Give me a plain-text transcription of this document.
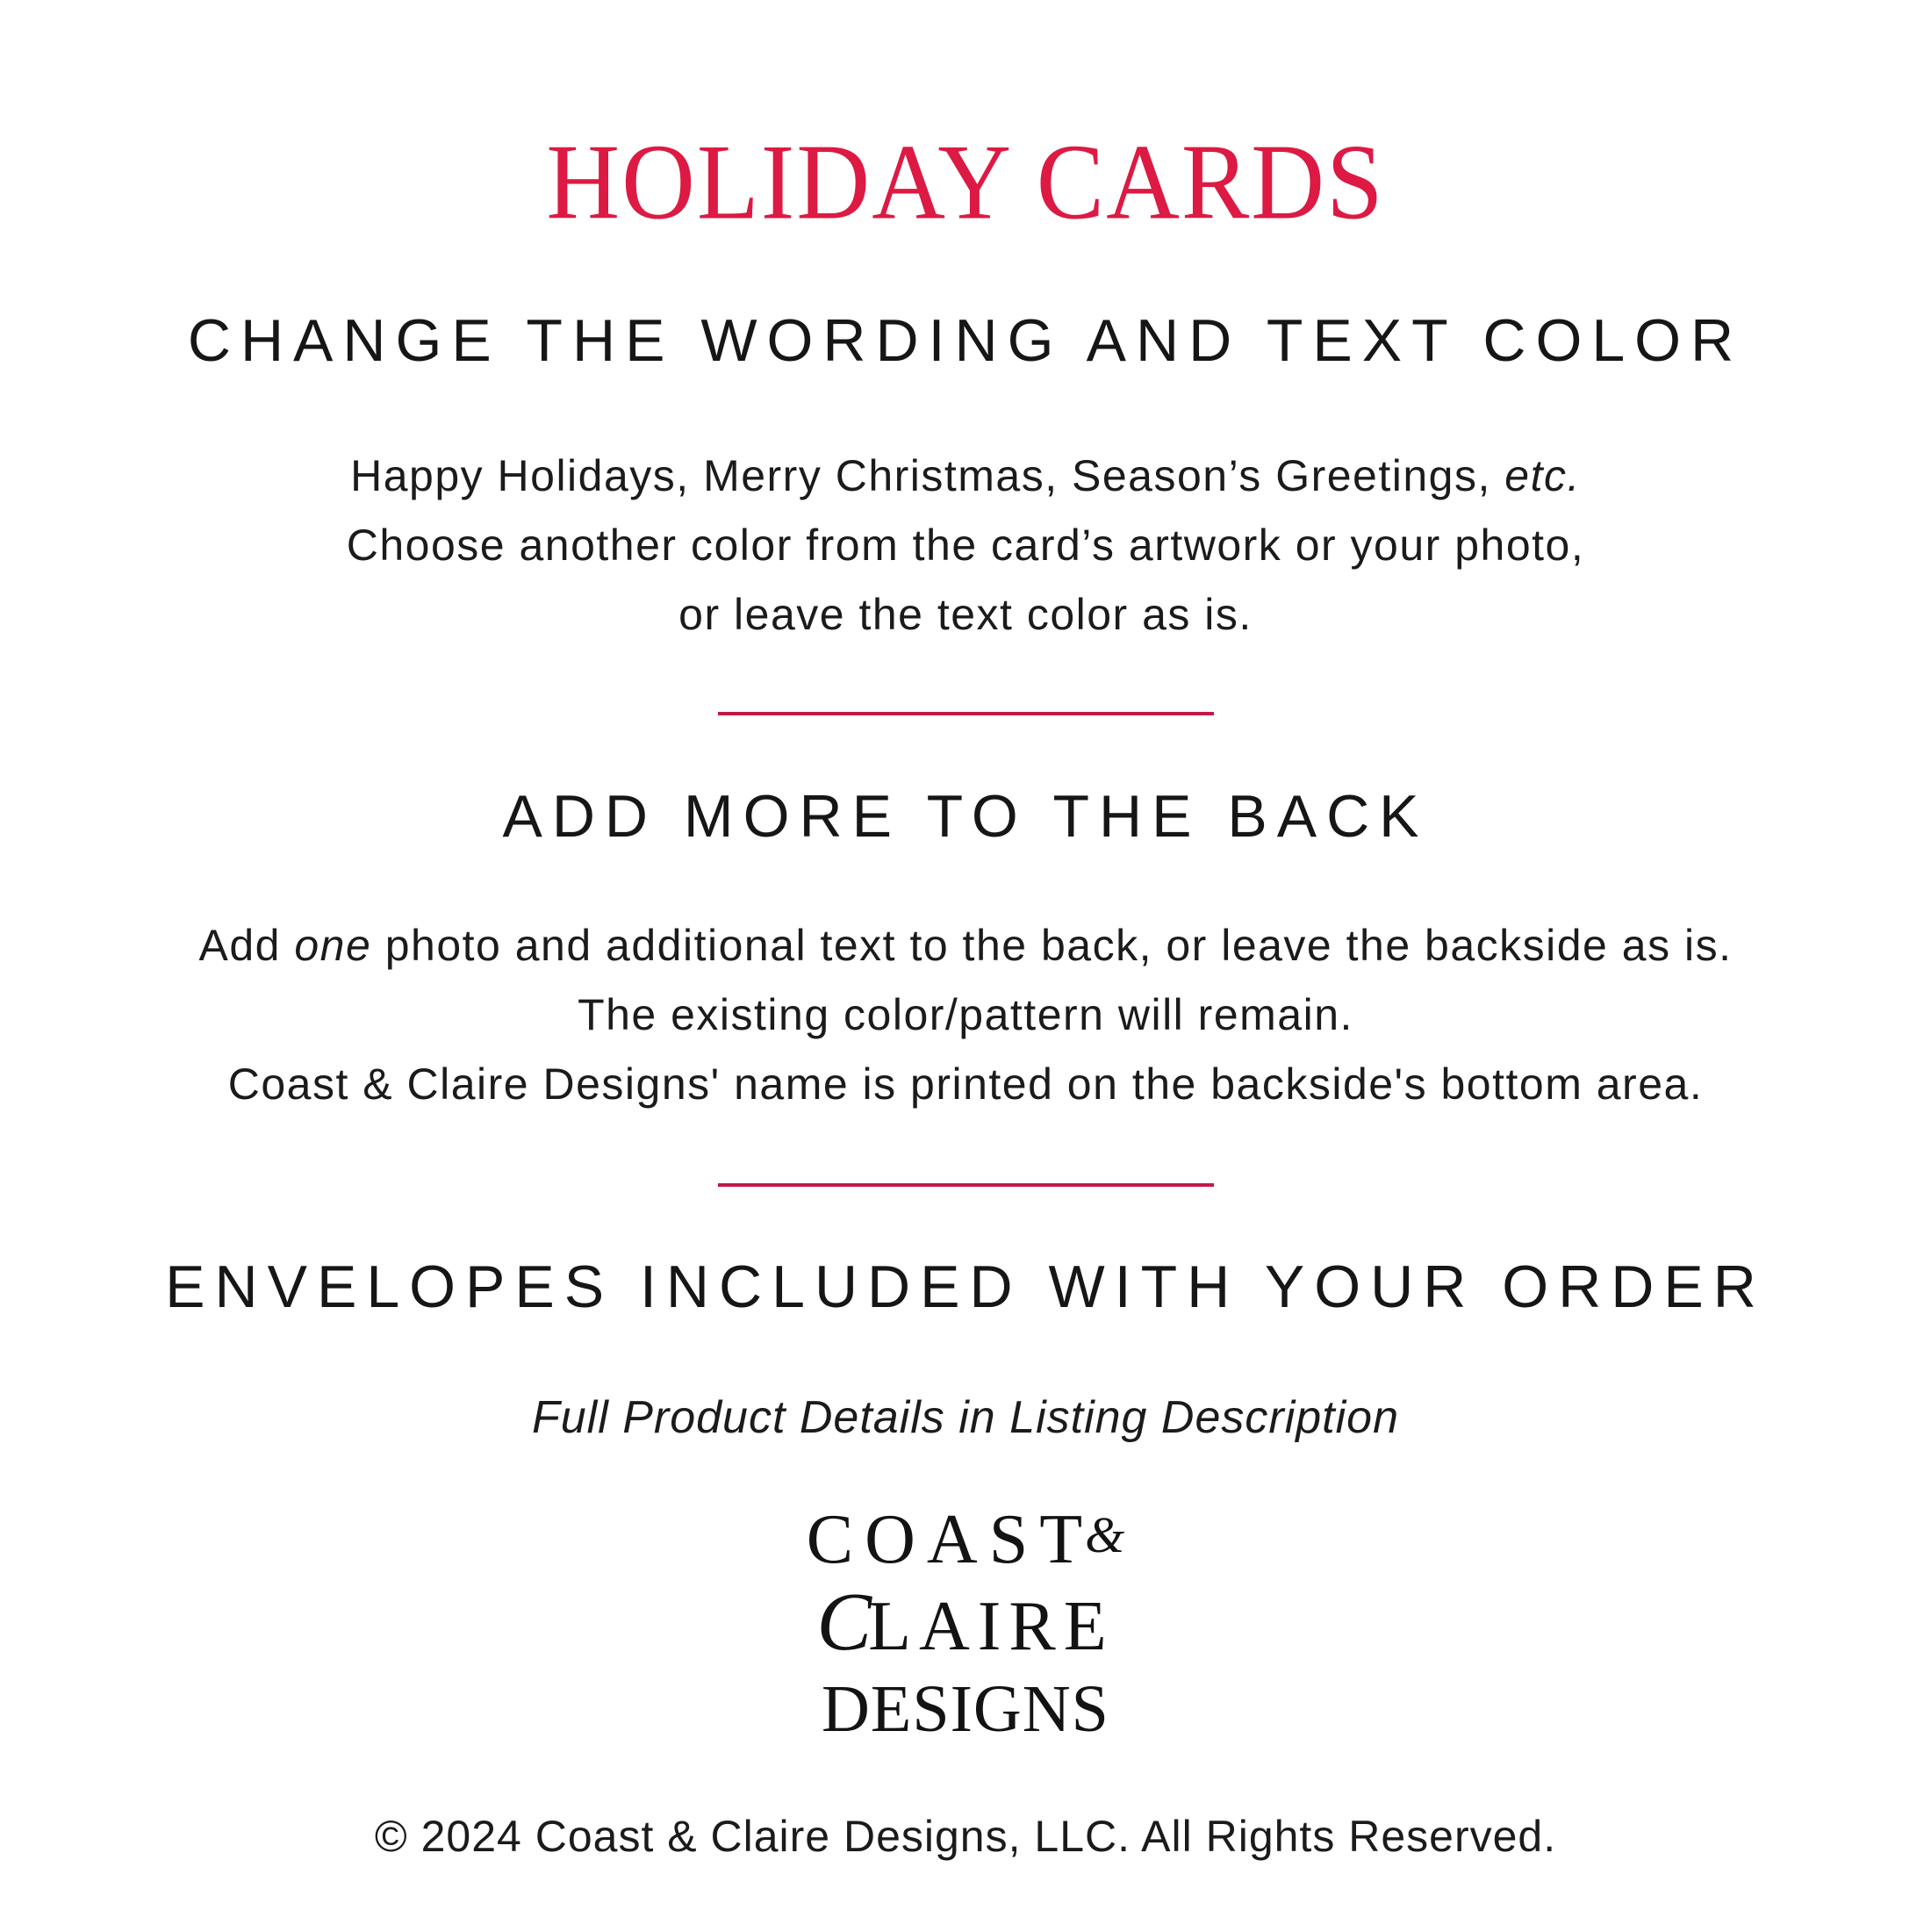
HOLIDAY CARDS
CHANGE THE WORDING AND TEXT COLOR

Happy Holidays, Merry Christmas, Season’s Greetings, etc.
Choose another color from the card’s artwork or your photo,
or leave the text color as is.

ADD MORE TO THE BACK

Add one photo and additional text to the back, or leave the backside as is.
The existing color/pattern will remain.
Coast & Claire Designs' name is printed on the backside's bottom area.

ENVELOPES INCLUDED WITH YOUR ORDER
Full Product Details in Listing Description
COAST&
CLAIRE
DESIGNS
© 2024 Coast & Claire Designs, LLC. All Rights Reserved.
